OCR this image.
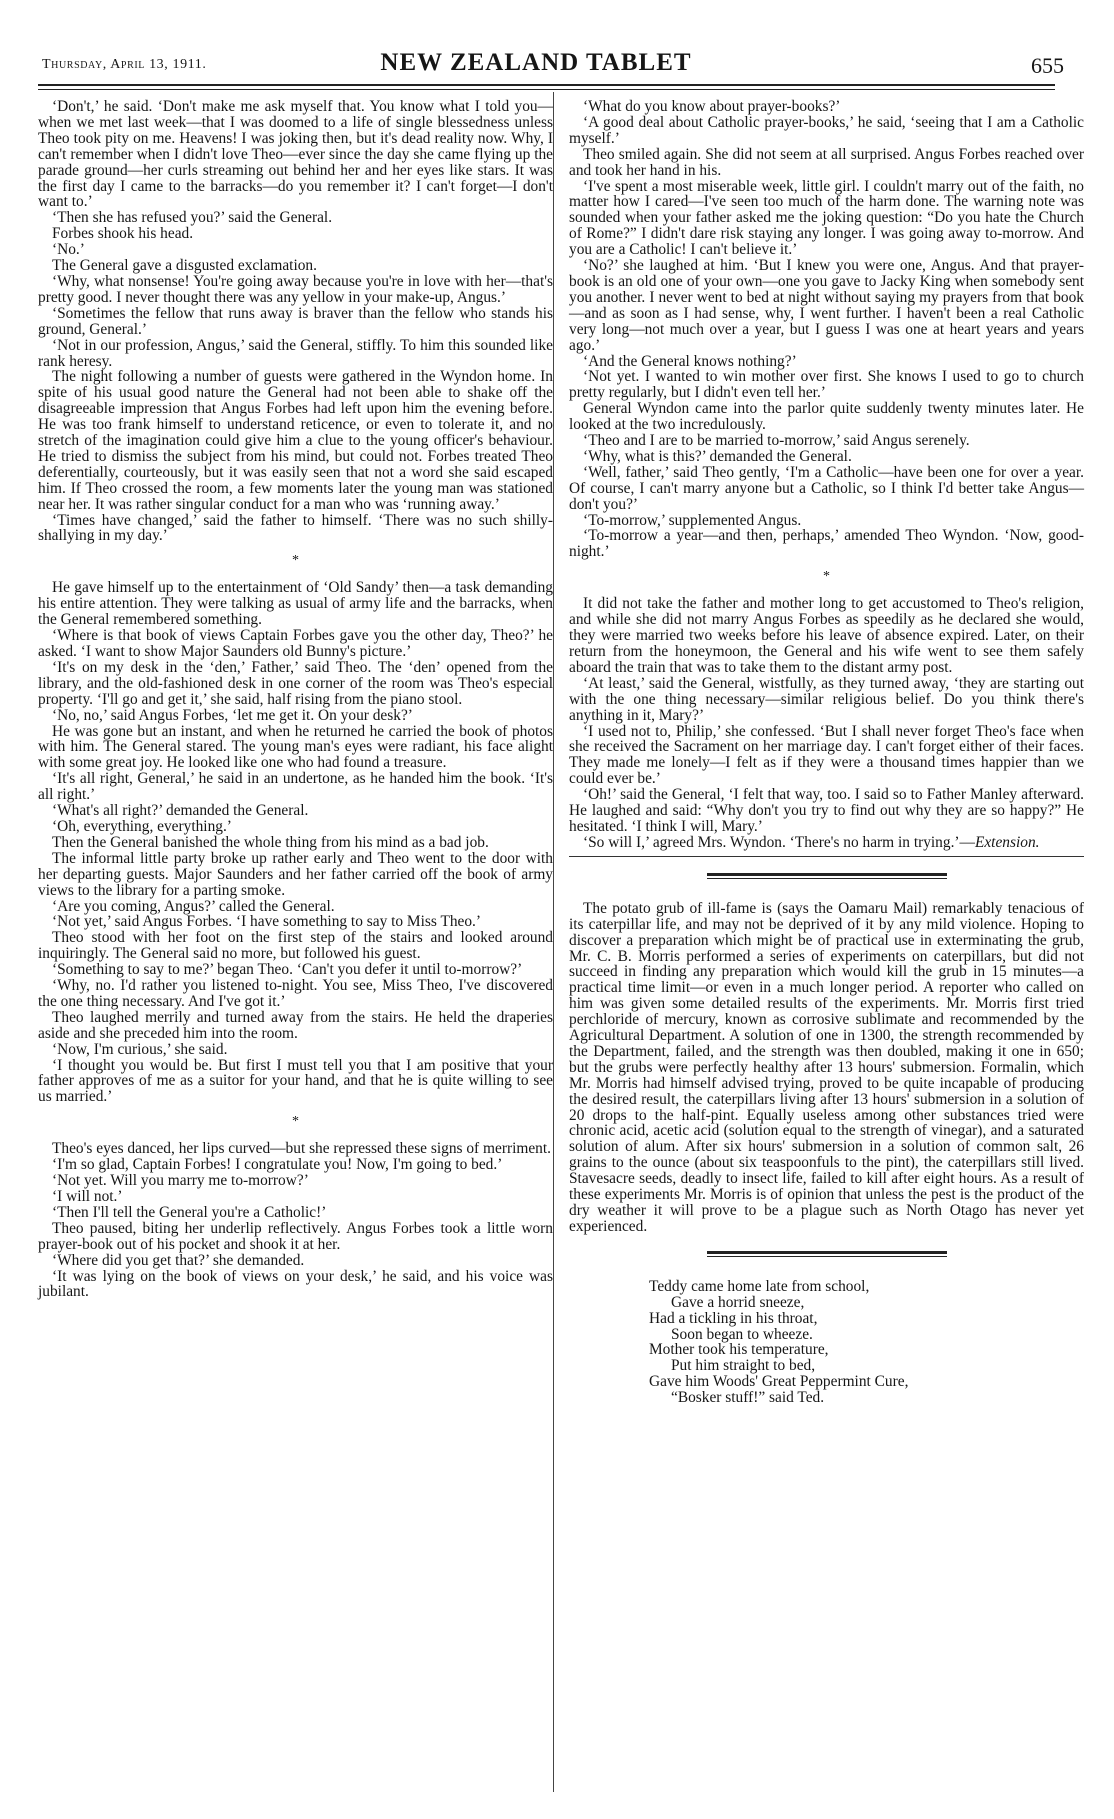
Thursday, April 13, 1911.	NEW ZEALAND TABLET	655

‘Don't,’ he said. ‘Don't make me ask myself that. You know what I told you—when we met last week—that I was doomed to a life of single blessedness unless Theo took pity on me. Heavens! I was joking then, but it's dead reality now. Why, I can't remember when I didn't love Theo—ever since the day she came flying up the parade ground—her curls streaming out behind her and her eyes like stars. It was the first day I came to the barracks—do you remember it? I can't forget—I don't want to.’

‘Then she has refused you?’ said the General.

Forbes shook his head.

‘No.’

The General gave a disgusted exclamation.

‘Why, what nonsense! You're going away because you're in love with her—that's pretty good. I never thought there was any yellow in your make-up, Angus.’

‘Sometimes the fellow that runs away is braver than the fellow who stands his ground, General.’

‘Not in our profession, Angus,’ said the General, stiffly. To him this sounded like rank heresy.

The night following a number of guests were gathered in the Wyndon home. In spite of his usual good nature the General had not been able to shake off the disagreeable impression that Angus Forbes had left upon him the evening before. He was too frank himself to understand reticence, or even to tolerate it, and no stretch of the imagination could give him a clue to the young officer's behaviour. He tried to dismiss the subject from his mind, but could not. Forbes treated Theo deferentially, courteously, but it was easily seen that not a word she said escaped him. If Theo crossed the room, a few moments later the young man was stationed near her. It was rather singular conduct for a man who was ‘running away.’

‘Times have changed,’ said the father to himself. ‘There was no such shilly-shallying in my day.’

*

He gave himself up to the entertainment of ‘Old Sandy’ then—a task demanding his entire attention. They were talking as usual of army life and the barracks, when the General remembered something.

‘Where is that book of views Captain Forbes gave you the other day, Theo?’ he asked. ‘I want to show Major Saunders old Bunny's picture.’

‘It's on my desk in the ‘den,’ Father,’ said Theo. The ‘den’ opened from the library, and the old-fashioned desk in one corner of the room was Theo's especial property. ‘I'll go and get it,’ she said, half rising from the piano stool.

‘No, no,’ said Angus Forbes, ‘let me get it. On your desk?’

He was gone but an instant, and when he returned he carried the book of photos with him. The General stared. The young man's eyes were radiant, his face alight with some great joy. He looked like one who had found a treasure.

‘It's all right, General,’ he said in an undertone, as he handed him the book. ‘It's all right.’

‘What's all right?’ demanded the General.

‘Oh, everything, everything.’

Then the General banished the whole thing from his mind as a bad job.

The informal little party broke up rather early and Theo went to the door with her departing guests. Major Saunders and her father carried off the book of army views to the library for a parting smoke.

‘Are you coming, Angus?’ called the General.

‘Not yet,’ said Angus Forbes. ‘I have something to say to Miss Theo.’

Theo stood with her foot on the first step of the stairs and looked around inquiringly. The General said no more, but followed his guest.

‘Something to say to me?’ began Theo. ‘Can't you defer it until to-morrow?’

‘Why, no. I'd rather you listened to-night. You see, Miss Theo, I've discovered the one thing necessary. And I've got it.’

Theo laughed merrily and turned away from the stairs. He held the draperies aside and she preceded him into the room.

‘Now, I'm curious,’ she said.

‘I thought you would be. But first I must tell you that I am positive that your father approves of me as a suitor for your hand, and that he is quite willing to see us married.’

*

Theo's eyes danced, her lips curved—but she repressed these signs of merriment.

‘I'm so glad, Captain Forbes! I congratulate you! Now, I'm going to bed.’

‘Not yet. Will you marry me to-morrow?’

‘I will not.’

‘Then I'll tell the General you're a Catholic!’

Theo paused, biting her underlip reflectively. Angus Forbes took a little worn prayer-book out of his pocket and shook it at her.

‘Where did you get that?’ she demanded.

‘It was lying on the book of views on your desk,’ he said, and his voice was jubilant.

‘What do you know about prayer-books?’

‘A good deal about Catholic prayer-books,’ he said, ‘seeing that I am a Catholic myself.’

Theo smiled again. She did not seem at all surprised. Angus Forbes reached over and took her hand in his.

‘I've spent a most miserable week, little girl. I couldn't marry out of the faith, no matter how I cared—I've seen too much of the harm done. The warning note was sounded when your father asked me the joking question: “Do you hate the Church of Rome?” I didn't dare risk staying any longer. I was going away to-morrow. And you are a Catholic! I can't believe it.’

‘No?’ she laughed at him. ‘But I knew you were one, Angus. And that prayer-book is an old one of your own—one you gave to Jacky King when somebody sent you another. I never went to bed at night without saying my prayers from that book—and as soon as I had sense, why, I went further. I haven't been a real Catholic very long—not much over a year, but I guess I was one at heart years and years ago.’

‘And the General knows nothing?’

‘Not yet. I wanted to win mother over first. She knows I used to go to church pretty regularly, but I didn't even tell her.’

General Wyndon came into the parlor quite suddenly twenty minutes later. He looked at the two incredulously.

‘Theo and I are to be married to-morrow,’ said Angus serenely.

‘Why, what is this?’ demanded the General.

‘Well, father,’ said Theo gently, ‘I'm a Catholic—have been one for over a year. Of course, I can't marry anyone but a Catholic, so I think I'd better take Angus—don't you?’

‘To-morrow,’ supplemented Angus.

‘To-morrow a year—and then, perhaps,’ amended Theo Wyndon. ‘Now, good-night.’

*

It did not take the father and mother long to get accustomed to Theo's religion, and while she did not marry Angus Forbes as speedily as he declared she would, they were married two weeks before his leave of absence expired. Later, on their return from the honeymoon, the General and his wife went to see them safely aboard the train that was to take them to the distant army post.

‘At least,’ said the General, wistfully, as they turned away, ‘they are starting out with the one thing necessary—similar religious belief. Do you think there's anything in it, Mary?’

‘I used not to, Philip,’ she confessed. ‘But I shall never forget Theo's face when she received the Sacrament on her marriage day. I can't forget either of their faces. They made me lonely—I felt as if they were a thousand times happier than we could ever be.’

‘Oh!’ said the General, ‘I felt that way, too. I said so to Father Manley afterward. He laughed and said: “Why don't you try to find out why they are so happy?” He hesitated. ‘I think I will, Mary.’

‘So will I,’ agreed Mrs. Wyndon. ‘There's no harm in trying.’—Extension.

The potato grub of ill-fame is (says the Oamaru Mail) remarkably tenacious of its caterpillar life, and may not be deprived of it by any mild violence. Hoping to discover a preparation which might be of practical use in exterminating the grub, Mr. C. B. Morris performed a series of experiments on caterpillars, but did not succeed in finding any preparation which would kill the grub in 15 minutes—a practical time limit—or even in a much longer period. A reporter who called on him was given some detailed results of the experiments. Mr. Morris first tried perchloride of mercury, known as corrosive sublimate and recommended by the Agricultural Department. A solution of one in 1300, the strength recommended by the Department, failed, and the strength was then doubled, making it one in 650; but the grubs were perfectly healthy after 13 hours' submersion. Formalin, which Mr. Morris had himself advised trying, proved to be quite incapable of producing the desired result, the caterpillars living after 13 hours' submersion in a solution of 20 drops to the half-pint. Equally useless among other substances tried were chronic acid, acetic acid (solution equal to the strength of vinegar), and a saturated solution of alum. After six hours' submersion in a solution of common salt, 26 grains to the ounce (about six teaspoonfuls to the pint), the caterpillars still lived. Stavesacre seeds, deadly to insect life, failed to kill after eight hours. As a result of these experiments Mr. Morris is of opinion that unless the pest is the product of the dry weather it will prove to be a plague such as North Otago has never yet experienced.

Teddy came home late from school,

Gave a horrid sneeze,

Had a tickling in his throat,

Soon began to wheeze.

Mother took his temperature,

Put him straight to bed,

Gave him Woods' Great Peppermint Cure,

“Bosker stuff!” said Ted.
